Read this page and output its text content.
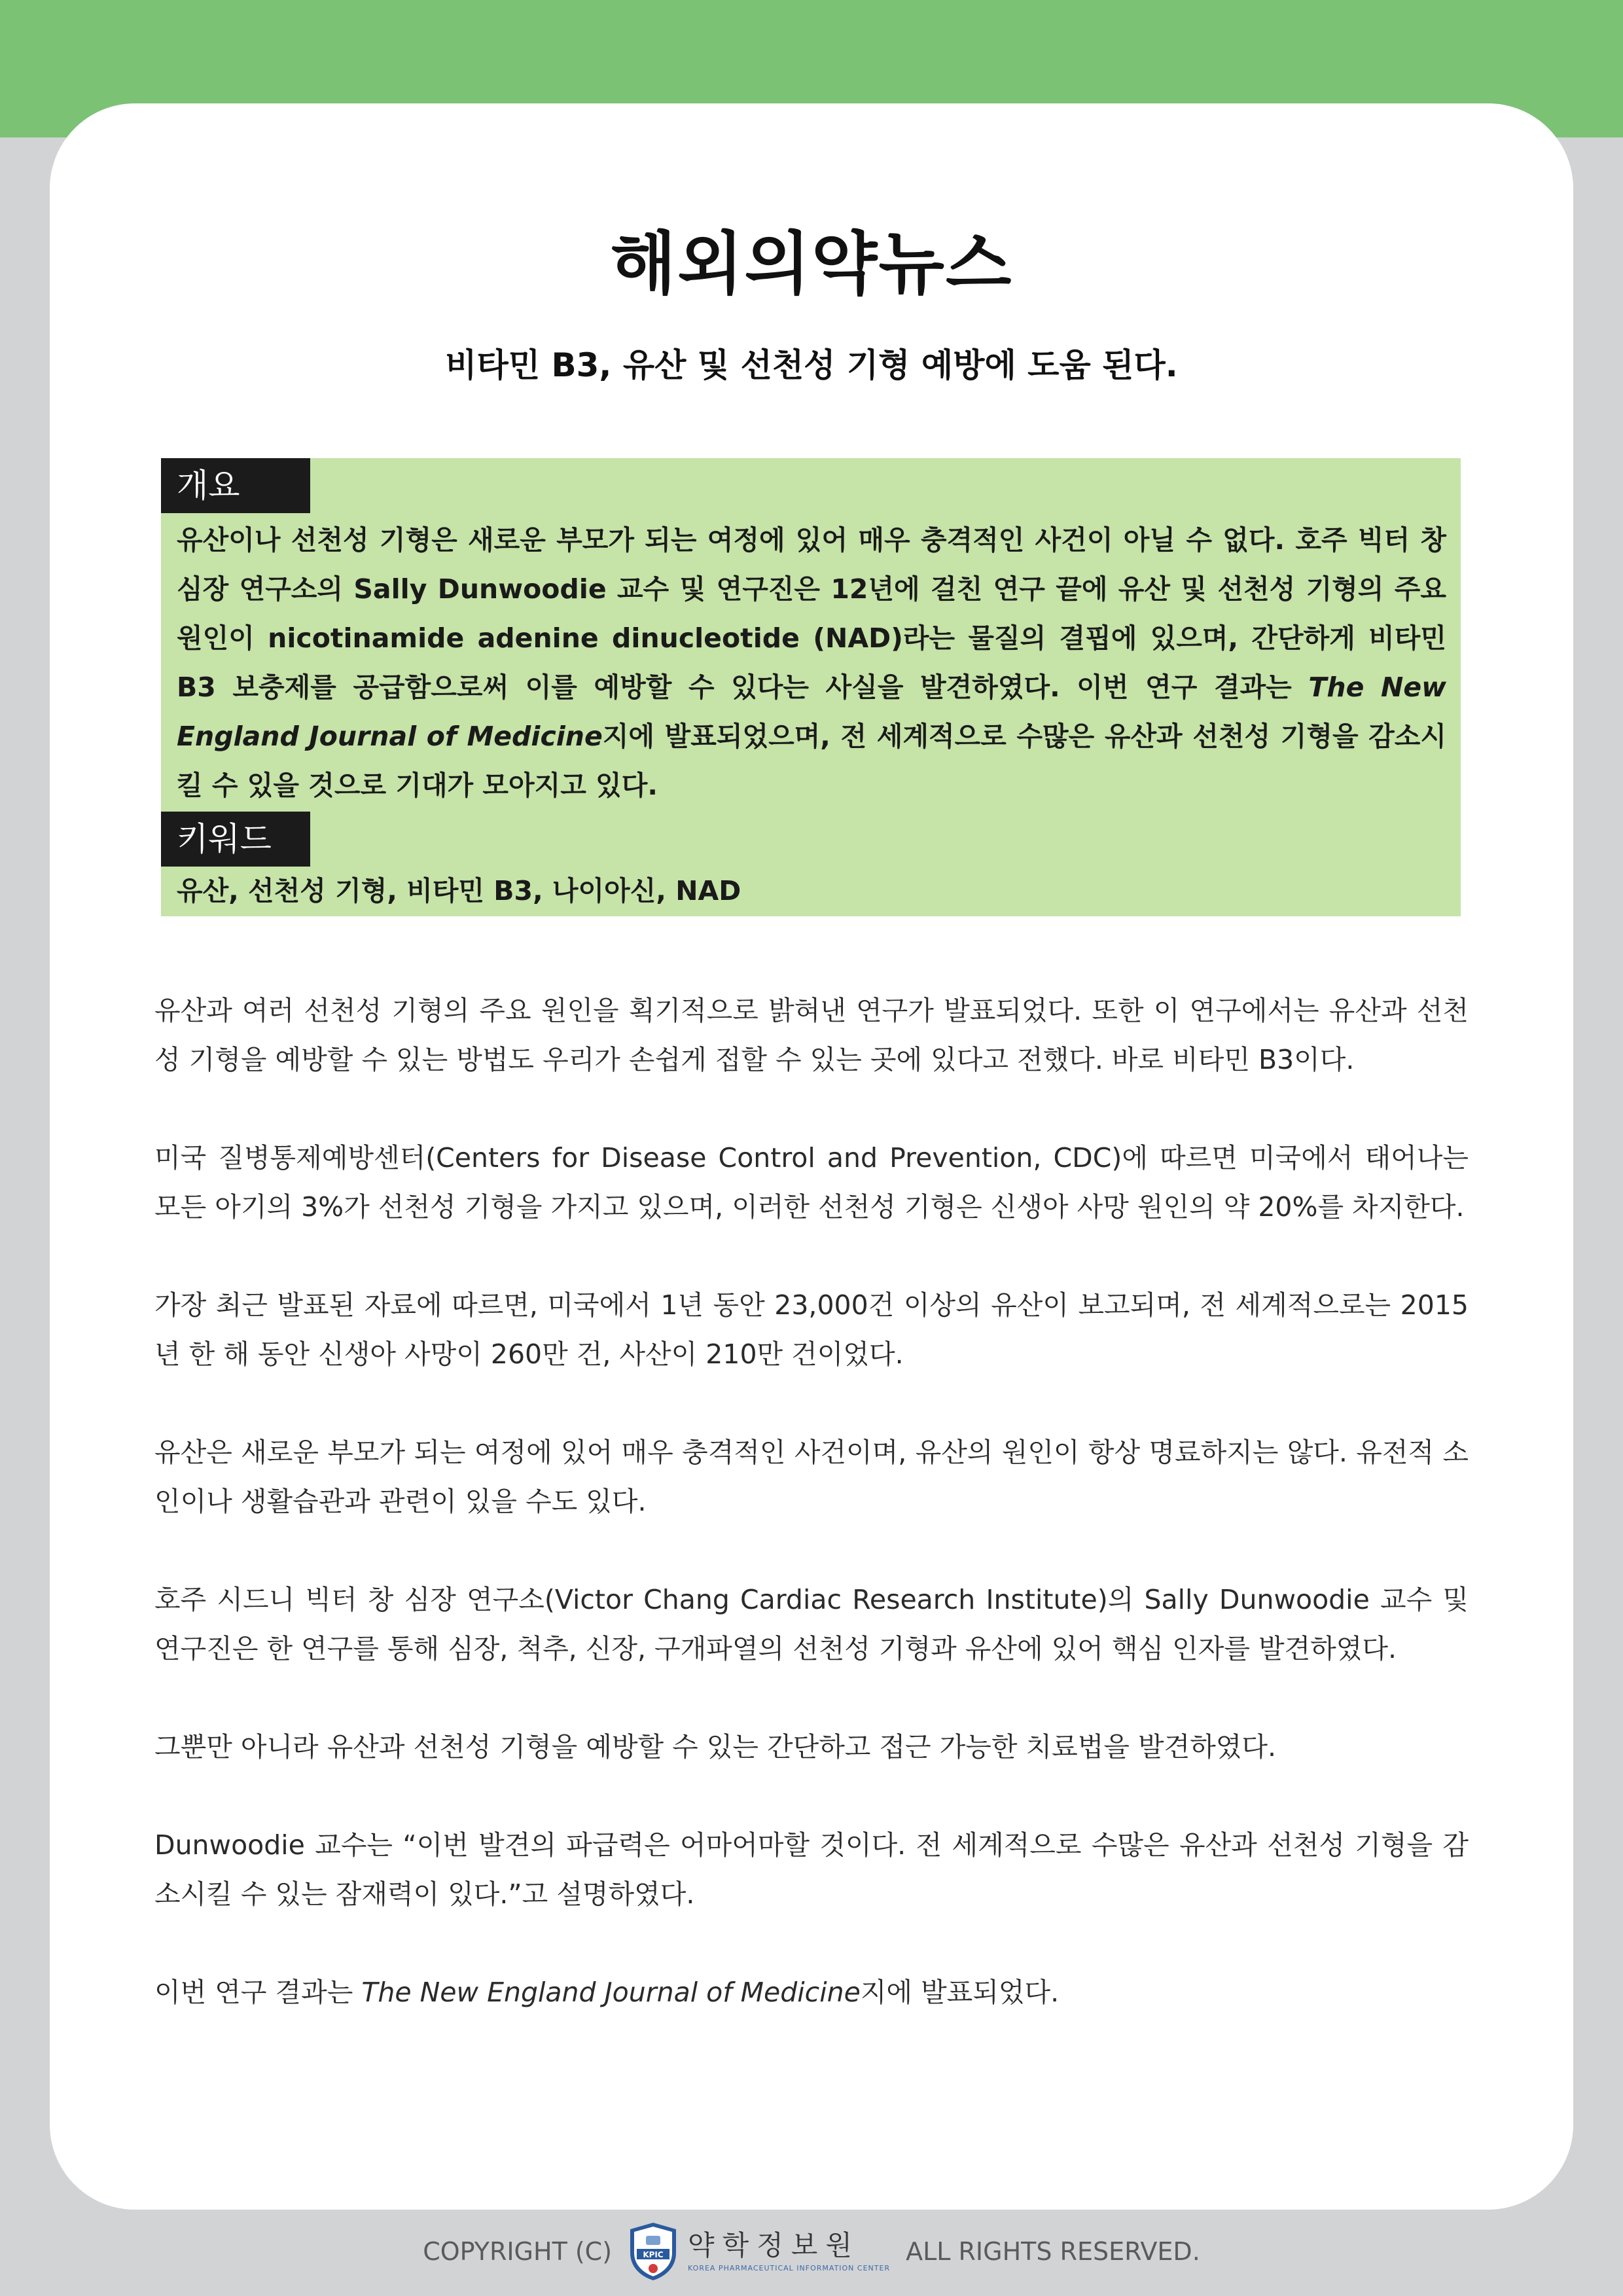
해외의약뉴스
비타민 B3, 유산 및 선천성 기형 예방에 도움 된다.
개요

유산이나 선천성 기형은 새로운 부모가 되는 여정에 있어 매우 충격적인 사건이 아닐 수 없다. 호주 빅터 창 심장 연구소의 Sally Dunwoodie 교수 및 연구진은 12년에 걸친 연구 끝에 유산 및 선천성 기형의 주요 원인이 nicotinamide adenine dinucleotide (NAD)라는 물질의 결핍에 있으며, 간단하게 비타민 B3 보충제를 공급함으로써 이를 예방할 수 있다는 사실을 발견하였다. 이번 연구 결과는 The New England Journal of Medicine지에 발표되었으며, 전 세계적으로 수많은 유산과 선천성 기형을 감소시킬 수 있을 것으로 기대가 모아지고 있다.

키워드

유산, 선천성 기형, 비타민 B3, 나이아신, NAD

유산과 여러 선천성 기형의 주요 원인을 획기적으로 밝혀낸 연구가 발표되었다. 또한 이 연구에서는 유산과 선천성 기형을 예방할 수 있는 방법도 우리가 손쉽게 접할 수 있는 곳에 있다고 전했다. 바로 비타민 B3이다.

미국 질병통제예방센터(Centers for Disease Control and Prevention, CDC)에 따르면 미국에서 태어나는 모든 아기의 3%가 선천성 기형을 가지고 있으며, 이러한 선천성 기형은 신생아 사망 원인의 약 20%를 차지한다.

가장 최근 발표된 자료에 따르면, 미국에서 1년 동안 23,000건 이상의 유산이 보고되며, 전 세계적으로는 2015년 한 해 동안 신생아 사망이 260만 건, 사산이 210만 건이었다.

유산은 새로운 부모가 되는 여정에 있어 매우 충격적인 사건이며, 유산의 원인이 항상 명료하지는 않다. 유전적 소인이나 생활습관과 관련이 있을 수도 있다.

호주 시드니 빅터 창 심장 연구소(Victor Chang Cardiac Research Institute)의 Sally Dunwoodie 교수 및 연구진은 한 연구를 통해 심장, 척추, 신장, 구개파열의 선천성 기형과 유산에 있어 핵심 인자를 발견하였다.

그뿐만 아니라 유산과 선천성 기형을 예방할 수 있는 간단하고 접근 가능한 치료법을 발견하였다.

Dunwoodie 교수는 “이번 발견의 파급력은 어마어마할 것이다. 전 세계적으로 수많은 유산과 선천성 기형을 감소시킬 수 있는 잠재력이 있다.”고 설명하였다.

이번 연구 결과는 The New England Journal of Medicine지에 발표되었다.

COPYRIGHT (C)	KPIC 약학정보원
KOREA PHARMACEUTICAL INFORMATION CENTER
ALL RIGHTS RESERVED.
